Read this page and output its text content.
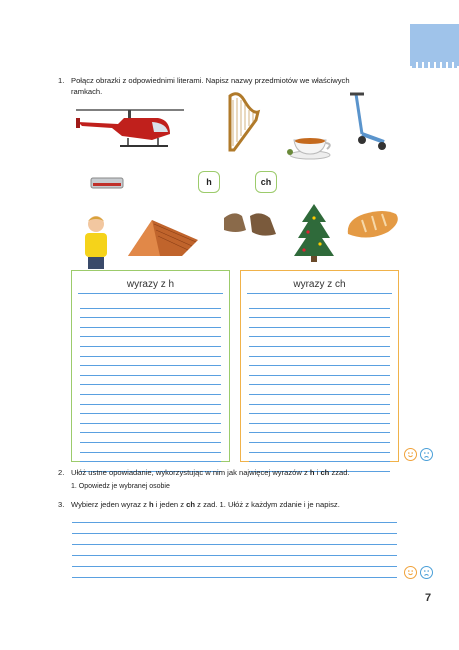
1. Połącz obrazki z odpowiednimi literami. Napisz nazwy przedmiotów we właściwych
ramkach.
h	ch
wyrazy z h	wyrazy z ch
2. Ułóż ustne opowiadanie, wykorzystując w nim jak najwięcej wyrazów z h i ch zzad.
1. Opowiedz je wybranej osobie
3. Wybierz jeden wyraz z h i jeden z ch z zad. 1. Ułóż z każdym zdanie i je napisz.
7
